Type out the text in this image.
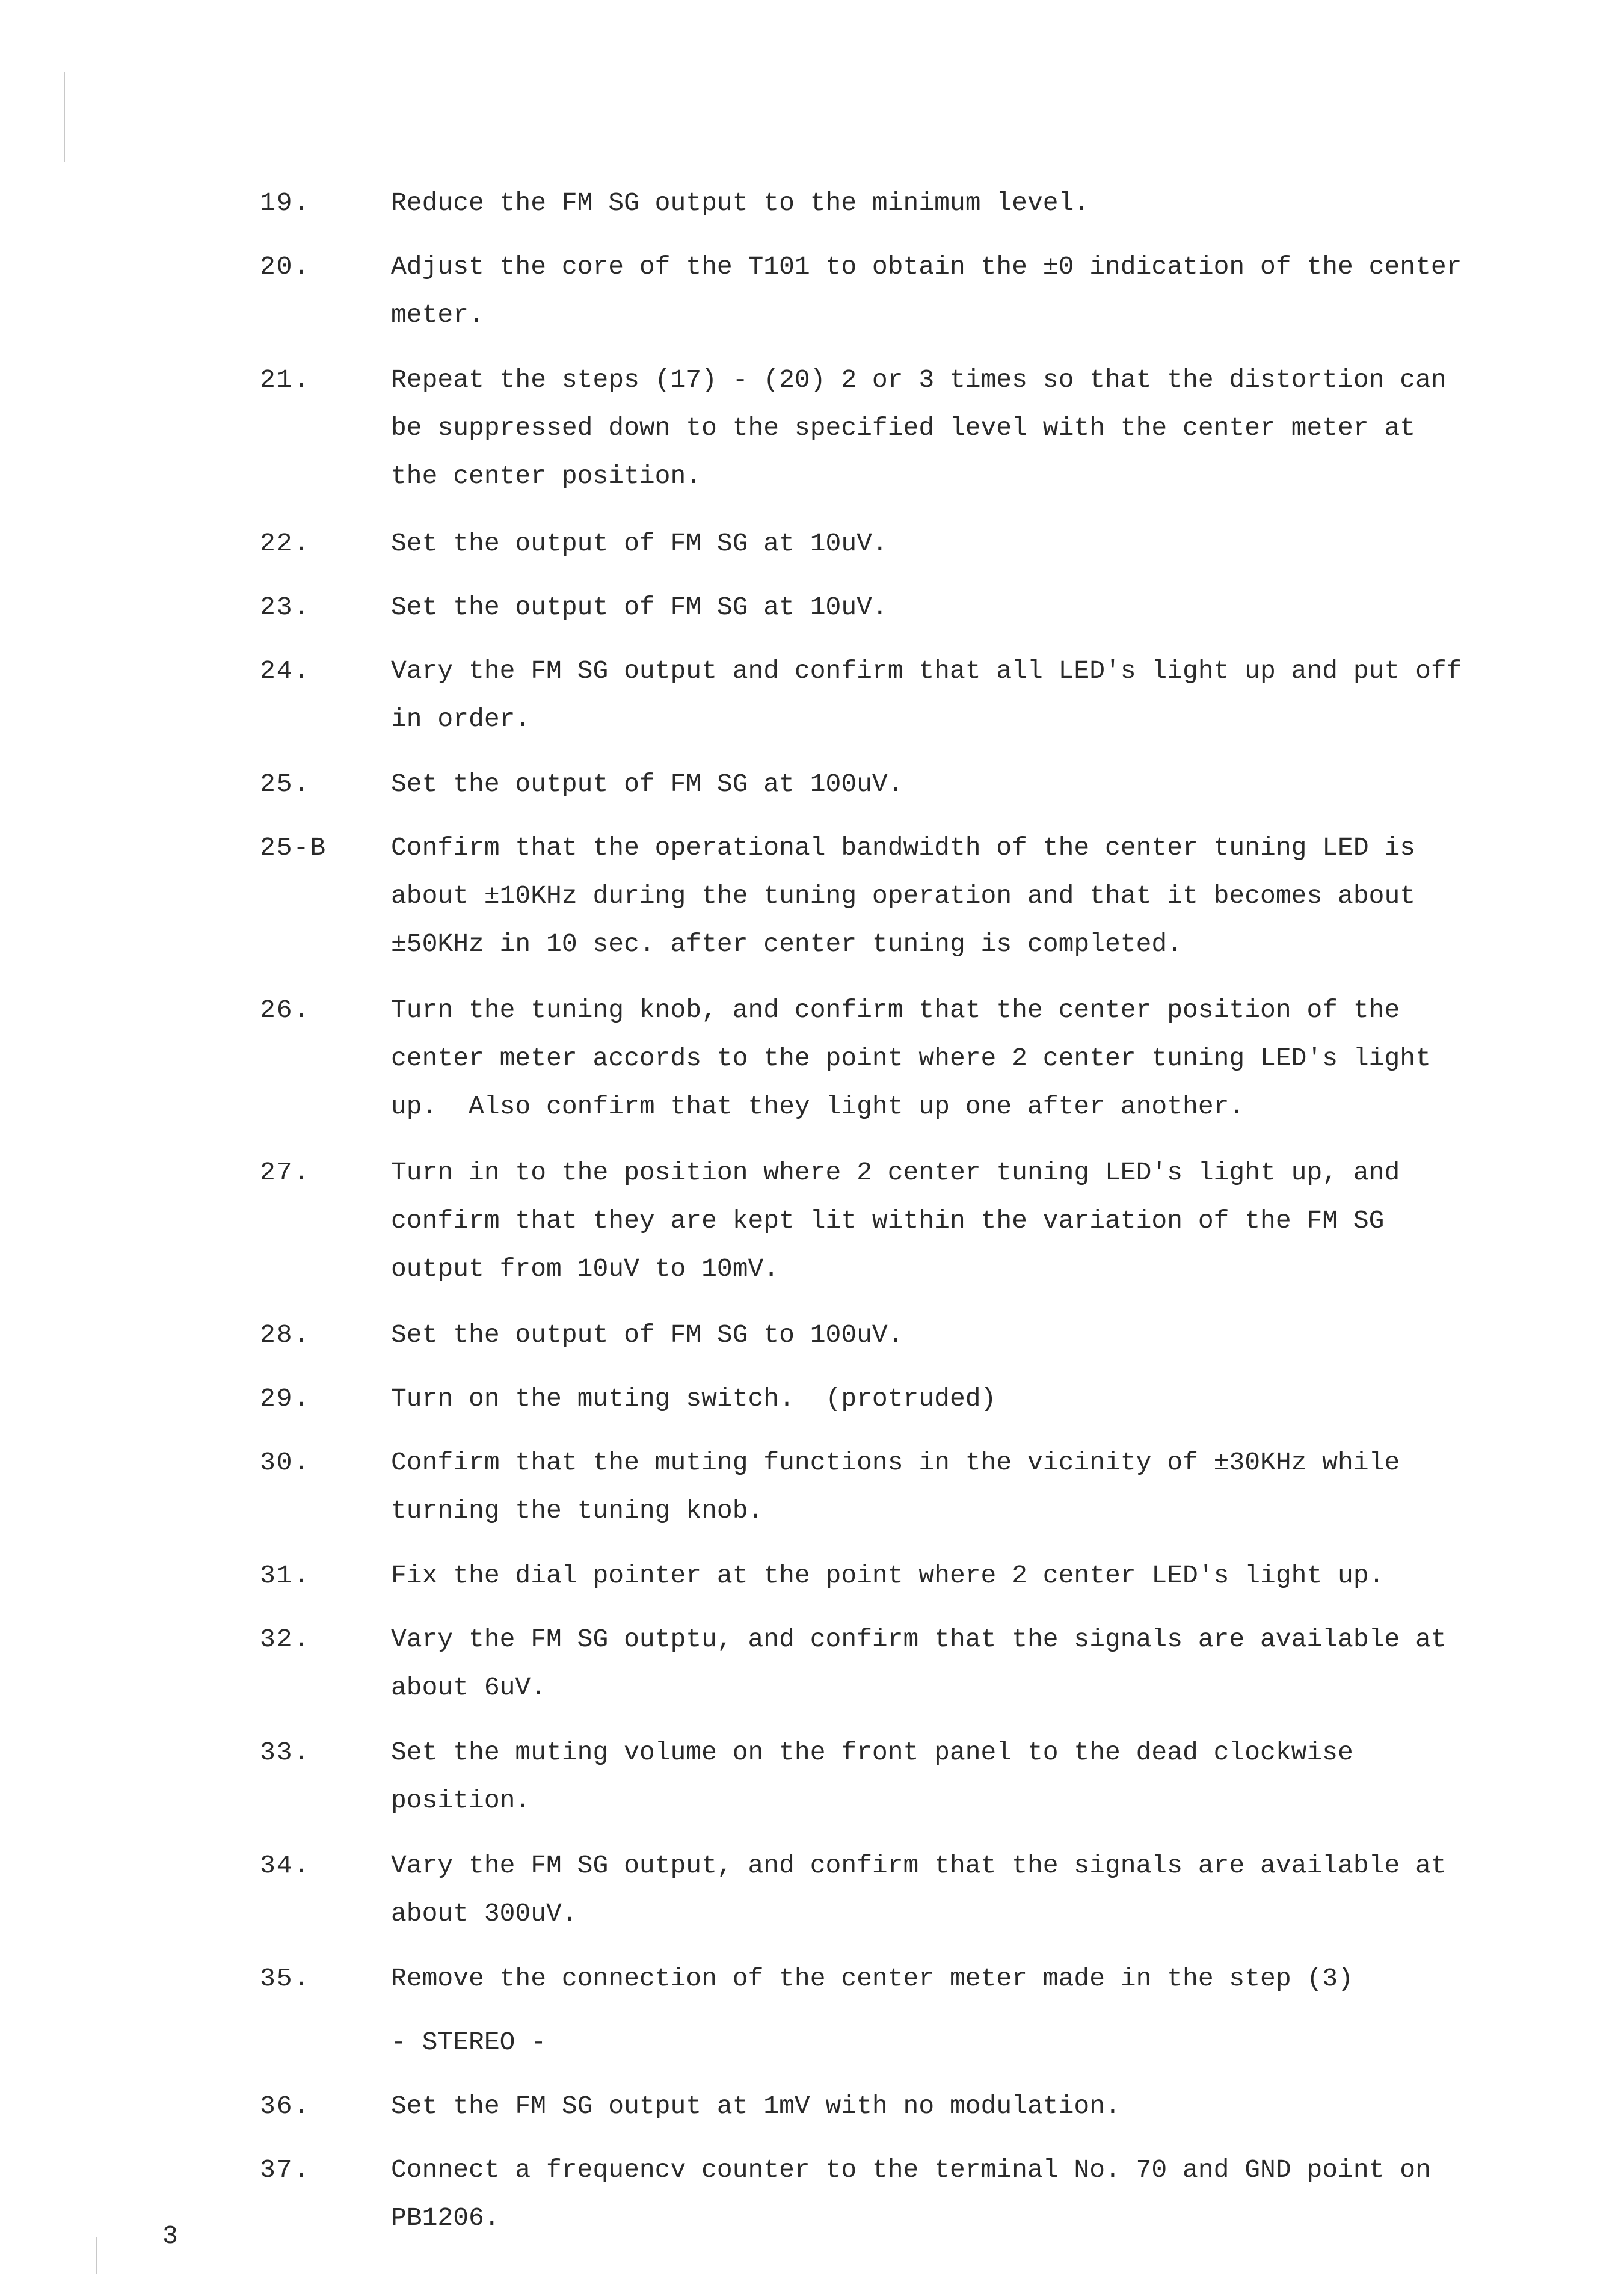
19.	Reduce the FM SG output to the minimum level.
20.	Adjust the core of the T101 to obtain the ±0 indication of the center
meter.
21.	Repeat the steps (17) - (20) 2 or 3 times so that the distortion can
be suppressed down to the specified level with the center meter at
the center position.
22.	Set the output of FM SG at 10uV.
23.	Set the output of FM SG at 10uV.
24.	Vary the FM SG output and confirm that all LED's light up and put off
in order.
25.	Set the output of FM SG at 100uV.
25-B Confirm that the operational bandwidth of the center tuning LED is
about ±10KHz during the tuning operation and that it becomes about
±50KHz in 10 sec. after center tuning is completed.
26.	Turn the tuning knob, and confirm that the center position of the
center meter accords to the point where 2 center tuning LED's light
up.  Also confirm that they light up one after another.
27.	Turn in to the position where 2 center tuning LED's light up, and
confirm that they are kept lit within the variation of the FM SG
output from 10uV to 10mV.
28.	Set the output of FM SG to 100uV.
29.	Turn on the muting switch.  (protruded)
30.	Confirm that the muting functions in the vicinity of ±30KHz while
turning the tuning knob.
31.	Fix the dial pointer at the point where 2 center LED's light up.
32.	Vary the FM SG outptu, and confirm that the signals are available at
about 6uV.
33.	Set the muting volume on the front panel to the dead clockwise
position.
34.	Vary the FM SG output, and confirm that the signals are available at
about 300uV.
35.	Remove the connection of the center meter made in the step (3)
- STEREO -
36.	Set the FM SG output at 1mV with no modulation.
37.	Connect a frequencv counter to the terminal No. 70 and GND point on
PB1206.
3
